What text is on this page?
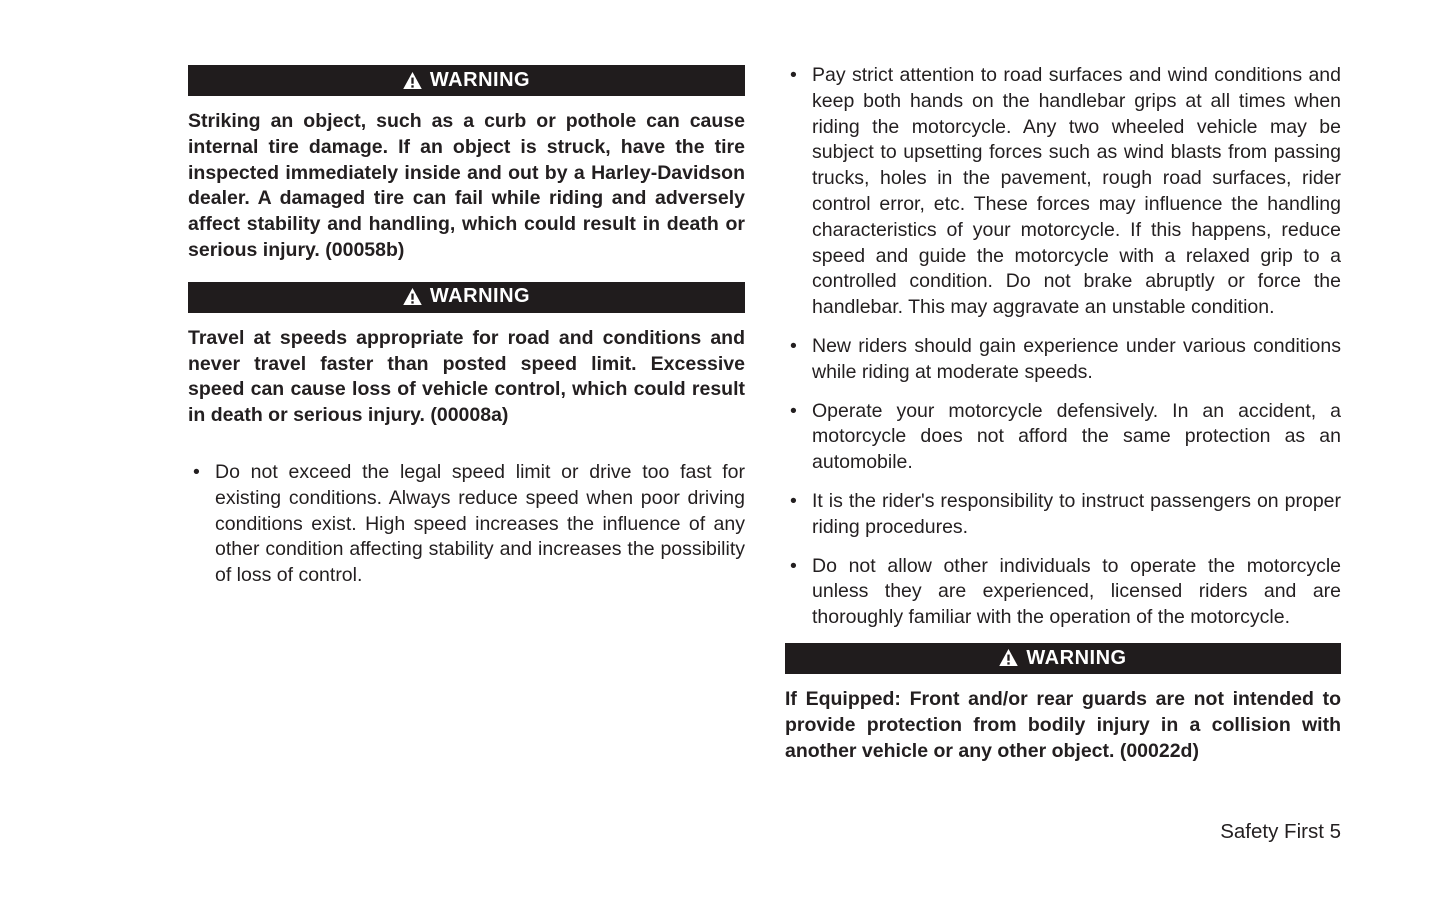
WARNING

Striking an object, such as a curb or pothole can cause internal tire damage. If an object is struck, have the tire inspected immediately inside and out by a Harley-Davidson dealer. A damaged tire can fail while riding and adversely affect stability and handling, which could result in death or serious injury. (00058b)

WARNING

Travel at speeds appropriate for road and conditions and never travel faster than posted speed limit. Excessive speed can cause loss of vehicle control, which could result in death or serious injury. (00008a)

• Do not exceed the legal speed limit or drive too fast for existing conditions. Always reduce speed when poor driving conditions exist. High speed increases the influence of any other condition affecting stability and increases the possibility of loss of control.
• Pay strict attention to road surfaces and wind conditions and keep both hands on the handlebar grips at all times when riding the motorcycle. Any two wheeled vehicle may be subject to upsetting forces such as wind blasts from passing trucks, holes in the pavement, rough road surfaces, rider control error, etc. These forces may influence the handling characteristics of your motorcycle. If this happens, reduce speed and guide the motorcycle with a relaxed grip to a controlled condition. Do not brake abruptly or force the handlebar. This may aggravate an unstable condition.
• New riders should gain experience under various conditions while riding at moderate speeds.
• Operate your motorcycle defensively. In an accident, a motorcycle does not afford the same protection as an automobile.
• It is the rider's responsibility to instruct passengers on proper riding procedures.
• Do not allow other individuals to operate the motorcycle unless they are experienced, licensed riders and are thoroughly familiar with the operation of the motorcycle.
WARNING

If Equipped: Front and/or rear guards are not intended to provide protection from bodily injury in a collision with another vehicle or any other object. (00022d)

Safety First 5
